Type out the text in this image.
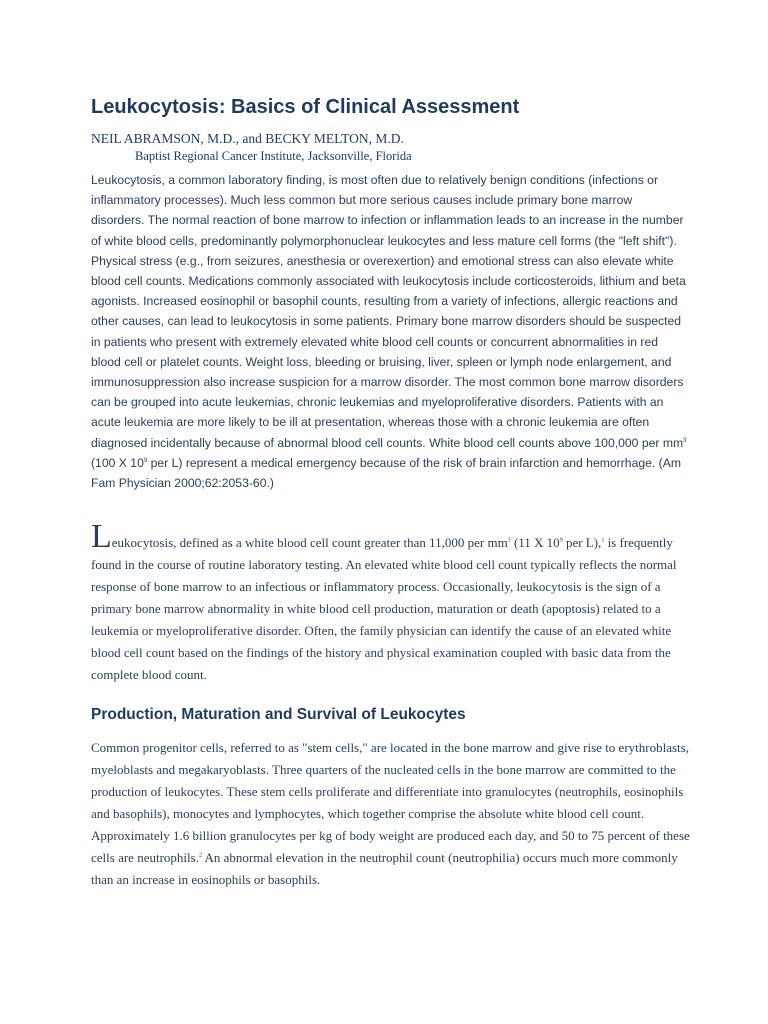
Leukocytosis: Basics of Clinical Assessment
NEIL ABRAMSON, M.D., and BECKY MELTON, M.D.
Baptist Regional Cancer Institute, Jacksonville, Florida

Leukocytosis, a common laboratory finding, is most often due to relatively benign conditions (infections or inflammatory processes). Much less common but more serious causes include primary bone marrow disorders. The normal reaction of bone marrow to infection or inflammation leads to an increase in the number of white blood cells, predominantly polymorphonuclear leukocytes and less mature cell forms (the "left shift"). Physical stress (e.g., from seizures, anesthesia or overexertion) and emotional stress can also elevate white blood cell counts. Medications commonly associated with leukocytosis include corticosteroids, lithium and beta agonists. Increased eosinophil or basophil counts, resulting from a variety of infections, allergic reactions and other causes, can lead to leukocytosis in some patients. Primary bone marrow disorders should be suspected in patients who present with extremely elevated white blood cell counts or concurrent abnormalities in red blood cell or platelet counts. Weight loss, bleeding or bruising, liver, spleen or lymph node enlargement, and immunosuppression also increase suspicion for a marrow disorder. The most common bone marrow disorders can be grouped into acute leukemias, chronic leukemias and myeloproliferative disorders. Patients with an acute leukemia are more likely to be ill at presentation, whereas those with a chronic leukemia are often diagnosed incidentally because of abnormal blood cell counts. White blood cell counts above 100,000 per $mm^3$ (100 X $10^9$ per L) represent a medical emergency because of the risk of brain infarction and hemorrhage. (Am Fam Physician 2000;62:2053-60.)

Leukocytosis, defined as a white blood cell count greater than 11,000 per $mm^3$ (11 X $10^9$ per L),$^1$ is frequently found in the course of routine laboratory testing. An elevated white blood cell count typically reflects the normal response of bone marrow to an infectious or inflammatory process. Occasionally, leukocytosis is the sign of a primary bone marrow abnormality in white blood cell production, maturation or death (apoptosis) related to a leukemia or myeloproliferative disorder. Often, the family physician can identify the cause of an elevated white blood cell count based on the findings of the history and physical examination coupled with basic data from the complete blood count.

Production, Maturation and Survival of Leukocytes

Common progenitor cells, referred to as "stem cells," are located in the bone marrow and give rise to erythroblasts, myeloblasts and megakaryoblasts. Three quarters of the nucleated cells in the bone marrow are committed to the production of leukocytes. These stem cells proliferate and differentiate into granulocytes (neutrophils, eosinophils and basophils), monocytes and lymphocytes, which together comprise the absolute white blood cell count. Approximately 1.6 billion granulocytes per kg of body weight are produced each day, and 50 to 75 percent of these cells are neutrophils.$^2$ An abnormal elevation in the neutrophil count (neutrophilia) occurs much more commonly than an increase in eosinophils or basophils.
